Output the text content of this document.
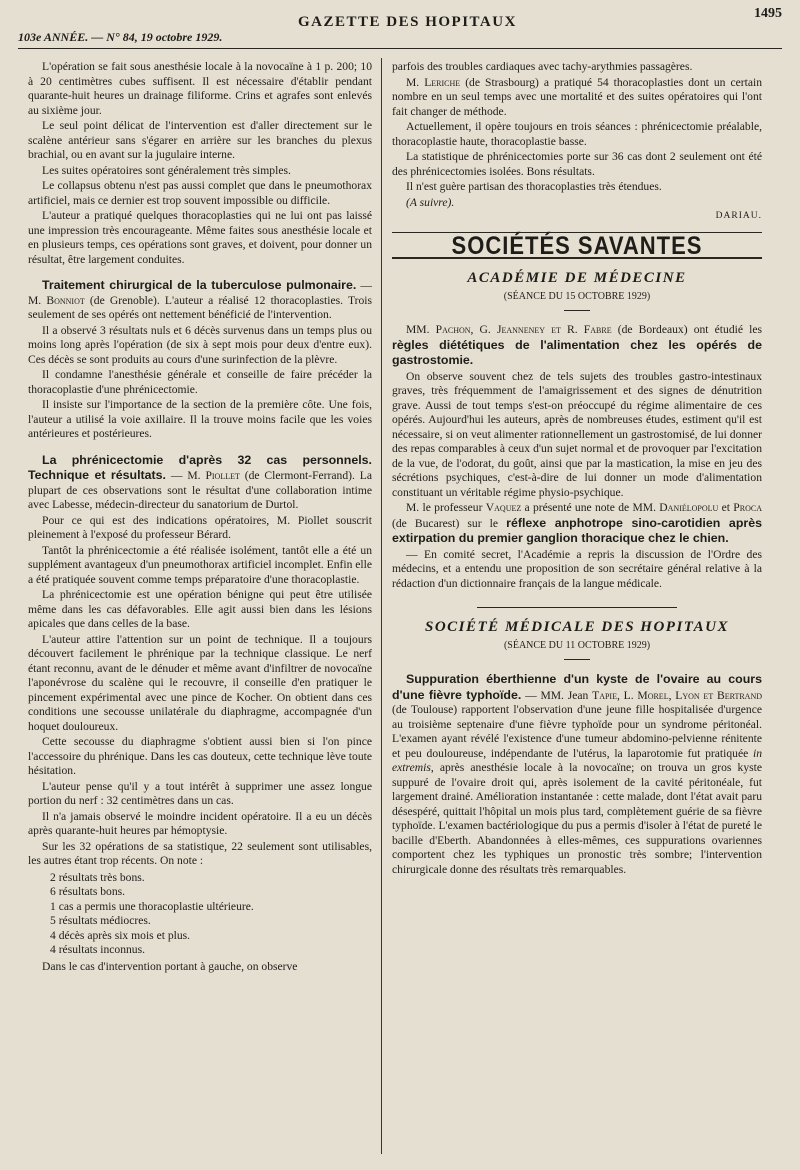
103e ANNÉE. — N° 84, 19 octobre 1929.
GAZETTE DES HOPITAUX
1495

L'opération se fait sous anesthésie locale à la novocaïne à 1 p. 200; 10 à 20 centimètres cubes suffisent. Il est nécessaire d'établir pendant quarante-huit heures un drainage filiforme. Crins et agrafes sont enlevés au sixième jour.

Le seul point délicat de l'intervention est d'aller directement sur le scalène antérieur sans s'égarer en arrière sur les branches du plexus brachial, ou en avant sur la jugulaire interne.

Les suites opératoires sont généralement très simples.

Le collapsus obtenu n'est pas aussi complet que dans le pneumothorax artificiel, mais ce dernier est trop souvent impossible ou difficile.

L'auteur a pratiqué quelques thoracoplasties qui ne lui ont pas laissé une impression très encourageante. Même faites sous anesthésie locale et en plusieurs temps, ces opérations sont graves, et doivent, pour donner un résultat, être largement conduites.

Traitement chirurgical de la tuberculose pulmonaire. — M. Bonniot (de Grenoble). L'auteur a réalisé 12 thoracoplasties. Trois seulement de ses opérés ont nettement bénéficié de l'intervention.

Il a observé 3 résultats nuls et 6 décès survenus dans un temps plus ou moins long après l'opération (de six à sept mois pour deux d'entre eux). Ces décès se sont produits au cours d'une surinfection de la plèvre.

Il condamne l'anesthésie générale et conseille de faire précéder la thoracoplastie d'une phrénicectomie.

Il insiste sur l'importance de la section de la première côte. Une fois, l'auteur a utilisé la voie axillaire. Il la trouve moins facile que les voies antérieures et postérieures.

La phrénicectomie d'après 32 cas personnels. Technique et résultats. — M. Piollet (de Clermont-Ferrand). La plupart de ces observations sont le résultat d'une collaboration intime avec Labesse, médecin-directeur du sanatorium de Durtol.

Pour ce qui est des indications opératoires, M. Piollet souscrit pleinement à l'exposé du professeur Bérard.

Tantôt la phrénicectomie a été réalisée isolément, tantôt elle a été un supplément avantageux d'un pneumothorax artificiel incomplet. Enfin elle a été pratiquée souvent comme temps préparatoire d'une thoracoplastie.

La phrénicectomie est une opération bénigne qui peut être utilisée même dans les cas défavorables. Elle agit aussi bien dans les lésions apicales que dans celles de la base.

L'auteur attire l'attention sur un point de technique. Il a toujours découvert facilement le phrénique par la technique classique. Le nerf étant reconnu, avant de le dénuder et même avant d'infiltrer de novocaïne l'aponévrose du scalène qui le recouvre, il conseille d'en pratiquer le pincement expérimental avec une pince de Kocher. On obtient dans ces conditions une secousse unilatérale du diaphragme, accompagnée d'un hoquet douloureux.

Cette secousse du diaphragme s'obtient aussi bien si l'on pince l'accessoire du phrénique. Dans les cas douteux, cette technique lève toute hésitation.

L'auteur pense qu'il y a tout intérêt à supprimer une assez longue portion du nerf : 32 centimètres dans un cas.

Il n'a jamais observé le moindre incident opératoire. Il a eu un décès après quarante-huit heures par hémoptysie.

Sur les 32 opérations de sa statistique, 22 seulement sont utilisables, les autres étant trop récents. On note :

2 résultats très bons.
6 résultats bons.
1 cas a permis une thoracoplastie ultérieure.
5 résultats médiocres.
4 décès après six mois et plus.
4 résultats inconnus.

Dans le cas d'intervention portant à gauche, on observe

parfois des troubles cardiaques avec tachy-arythmies passagères.

M. Leriche (de Strasbourg) a pratiqué 54 thoracoplasties dont un certain nombre en un seul temps avec une mortalité et des suites opératoires qui l'ont fait changer de méthode.

Actuellement, il opère toujours en trois séances : phrénicectomie préalable, thoracoplastie haute, thoracoplastie basse.

La statistique de phrénicectomies porte sur 36 cas dont 2 seulement ont été des phrénicectomies isolées. Bons résultats.

Il n'est guère partisan des thoracoplasties très étendues.

(A suivre).

DARIAU.
SOCIÉTÉS SAVANTES
ACADÉMIE DE MÉDECINE
(SÉANCE DU 15 OCTOBRE 1929)

MM. Pachon, G. Jeanneney et R. Fabre (de Bordeaux) ont étudié les règles diététiques de l'alimentation chez les opérés de gastrostomie.

On observe souvent chez de tels sujets des troubles gastro-intestinaux graves, très fréquemment de l'amaigrissement et des signes de dénutrition grave. Aussi de tout temps s'est-on préoccupé du régime alimentaire de ces opérés. Aujourd'hui les auteurs, après de nombreuses études, estiment qu'il est nécessaire, si on veut alimenter rationnellement un gastrostomisé, de lui donner des repas comparables à ceux d'un sujet normal et de provoquer par l'excitation de la vue, de l'odorat, du goût, ainsi que par la mastication, la mise en jeu des sécrétions psychiques, c'est-à-dire de lui donner un mode d'alimentation constituant un véritable régime physio-psychique.

M. le professeur Vaquez a présenté une note de MM. Daniélopolu et Proca (de Bucarest) sur le réflexe anphotrope sino-carotidien après extirpation du premier ganglion thoracique chez le chien.

— En comité secret, l'Académie a repris la discussion de l'Ordre des médecins, et a entendu une proposition de son secrétaire général relative à la rédaction d'un dictionnaire français de la langue médicale.

SOCIÉTÉ MÉDICALE DES HOPITAUX
(SÉANCE DU 11 OCTOBRE 1929)

Suppuration éberthienne d'un kyste de l'ovaire au cours d'une fièvre typhoïde. — MM. Jean Tapie, L. Morel, Lyon et Bertrand (de Toulouse) rapportent l'observation d'une jeune fille hospitalisée d'urgence au troisième septenaire d'une fièvre typhoïde pour un syndrome péritonéal. L'examen ayant révélé l'existence d'une tumeur abdomino-pelvienne rénitente et peu douloureuse, indépendante de l'utérus, la laparotomie fut pratiquée in extremis, après anesthésie locale à la novocaïne; on trouva un gros kyste suppuré de l'ovaire droit qui, après isolement de la cavité péritonéale, fut largement drainé. Amélioration instantanée : cette malade, dont l'état avait paru désespéré, quittait l'hôpital un mois plus tard, complètement guérie de sa fièvre typhoïde. L'examen bactériologique du pus a permis d'isoler à l'état de pureté le bacille d'Eberth. Abandonnées à elles-mêmes, ces suppurations ovariennes comportent chez les typhiques un pronostic très sombre; l'intervention chirurgicale donne des résultats très remarquables.
